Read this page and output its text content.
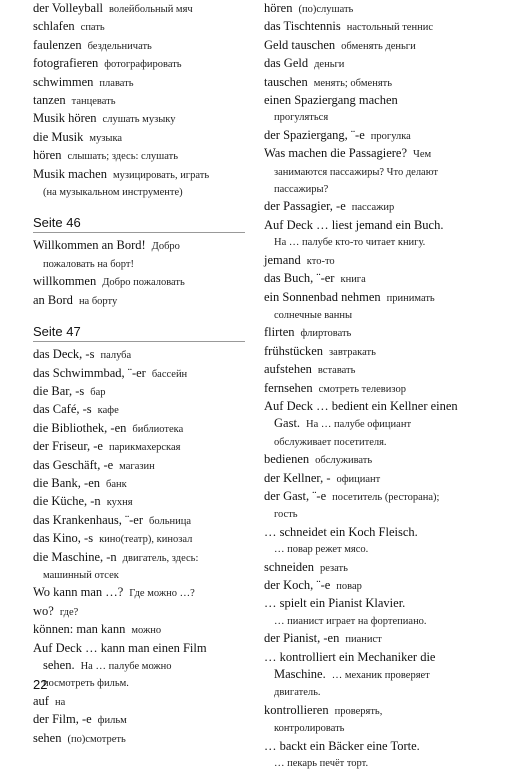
der Volleyball волейбольный мяч
schlafen спать
faulenzen бездельничать
fotografieren фотографировать
schwimmen плавать
tanzen танцевать
Musik hören слушать музыку
die Musik музыка
hören слышать; здесь: слушать
Musik machen музицировать, играть
(на музыкальном инструменте)
Seite 46
Willkommen an Bord! Добро
пожаловать на борт!
willkommen Добро пожаловать
an Bord на борту
Seite 47
das Deck, -s палуба
das Schwimmbad, ¨-er бассейн
die Bar, -s бар
das Café, -s кафе
die Bibliothek, -en библиотека
der Friseur, -e парикмахерская
das Geschäft, -e магазин
die Bank, -en банк
die Küche, -n кухня
das Krankenhaus, ¨-er больница
das Kino, -s кино(театр), кинозал
die Maschine, -n двигатель, здесь:
машинный отсек
Wo kann man …? Где можно …?
wo? где?
können: man kann можно
Auf Deck … kann man einen Film
sehen. На … палубе можно
посмотреть фильм.
auf на
der Film, -e фильм
sehen (по)смотреть
hören (по)слушать
das Tischtennis настольный теннис
Geld tauschen обменять деньги
das Geld деньги
tauschen менять; обменять
einen Spaziergang machen
прогуляться
der Spaziergang, ¨-e прогулка
Was machen die Passagiere? Чем
занимаются пассажиры? Что делают
пассажиры?
der Passagier, -e пассажир
Auf Deck … liest jemand ein Buch.
На … палубе кто-то читает книгу.
jemand кто-то
das Buch, ¨-er книга
ein Sonnenbad nehmen принимать
солнечные ванны
flirten флиртовать
frühstücken завтракать
aufstehen вставать
fernsehen смотреть телевизор
Auf Deck … bedient ein Kellner einen
Gast. На … палубе официант
обслуживает посетителя.
bedienen обслуживать
der Kellner, - официант
der Gast, ¨-e посетитель (ресторана);
гость
… schneidet ein Koch Fleisch.
… повар режет мясо.
schneiden резать
der Koch, ¨-e повар
… spielt ein Pianist Klavier.
… пианист играет на фортепиано.
der Pianist, -en пианист
… kontrolliert ein Mechaniker die
Maschine. … механик проверяет
двигатель.
kontrollieren проверять,
контролировать
… backt ein Bäcker eine Torte.
… пекарь печёт торт.
22
